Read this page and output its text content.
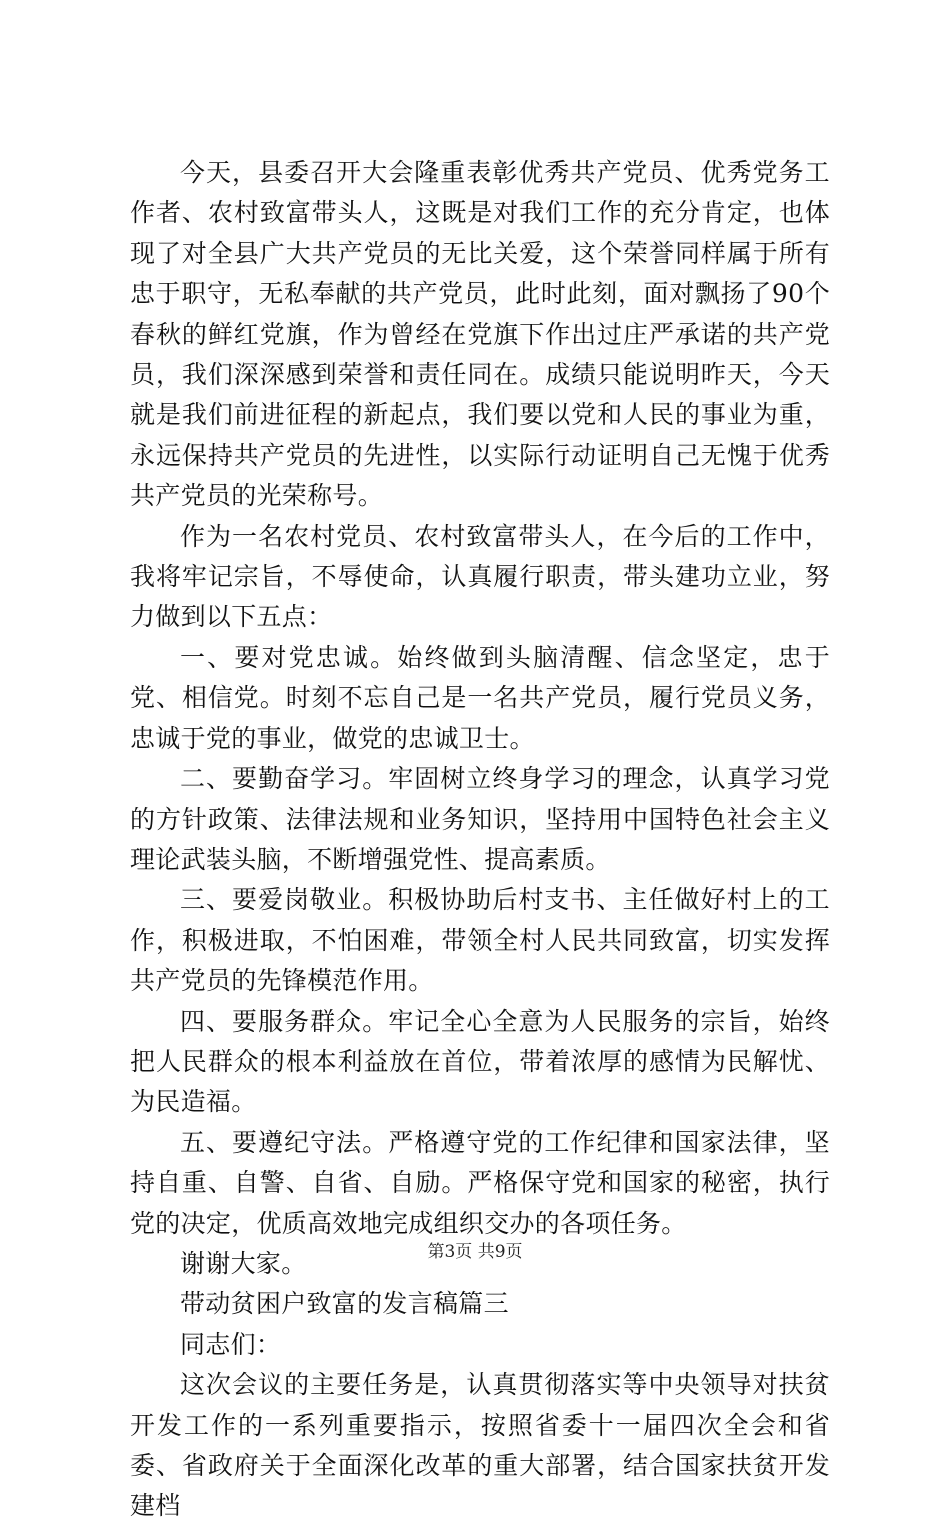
今天，县委召开大会隆重表彰优秀共产党员、优秀党务工作者、农村致富带头人，这既是对我们工作的充分肯定，也体现了对全县广大共产党员的无比关爱，这个荣誉同样属于所有忠于职守，无私奉献的共产党员，此时此刻，面对飘扬了90个春秋的鲜红党旗，作为曾经在党旗下作出过庄严承诺的共产党员，我们深深感到荣誉和责任同在。成绩只能说明昨天，今天就是我们前进征程的新起点，我们要以党和人民的事业为重，永远保持共产党员的先进性，以实际行动证明自己无愧于优秀共产党员的光荣称号。

作为一名农村党员、农村致富带头人，在今后的工作中，我将牢记宗旨，不辱使命，认真履行职责，带头建功立业，努力做到以下五点：

一、要对党忠诚。始终做到头脑清醒、信念坚定，忠于党、相信党。时刻不忘自己是一名共产党员，履行党员义务，忠诚于党的事业，做党的忠诚卫士。

二、要勤奋学习。牢固树立终身学习的理念，认真学习党的方针政策、法律法规和业务知识，坚持用中国特色社会主义理论武装头脑，不断增强党性、提高素质。

三、要爱岗敬业。积极协助后村支书、主任做好村上的工作，积极进取，不怕困难，带领全村人民共同致富，切实发挥共产党员的先锋模范作用。

四、要服务群众。牢记全心全意为人民服务的宗旨，始终把人民群众的根本利益放在首位，带着浓厚的感情为民解忧、为民造福。

五、要遵纪守法。严格遵守党的工作纪律和国家法律，坚持自重、自警、自省、自励。严格保守党和国家的秘密，执行党的决定，优质高效地完成组织交办的各项任务。

谢谢大家。

带动贫困户致富的发言稿篇三

同志们：

这次会议的主要任务是，认真贯彻落实等中央领导对扶贫开发工作的一系列重要指示，按照省委十一届四次全会和省委、省政府关于全面深化改革的重大部署，结合国家扶贫开发建档

第3页 共9页
